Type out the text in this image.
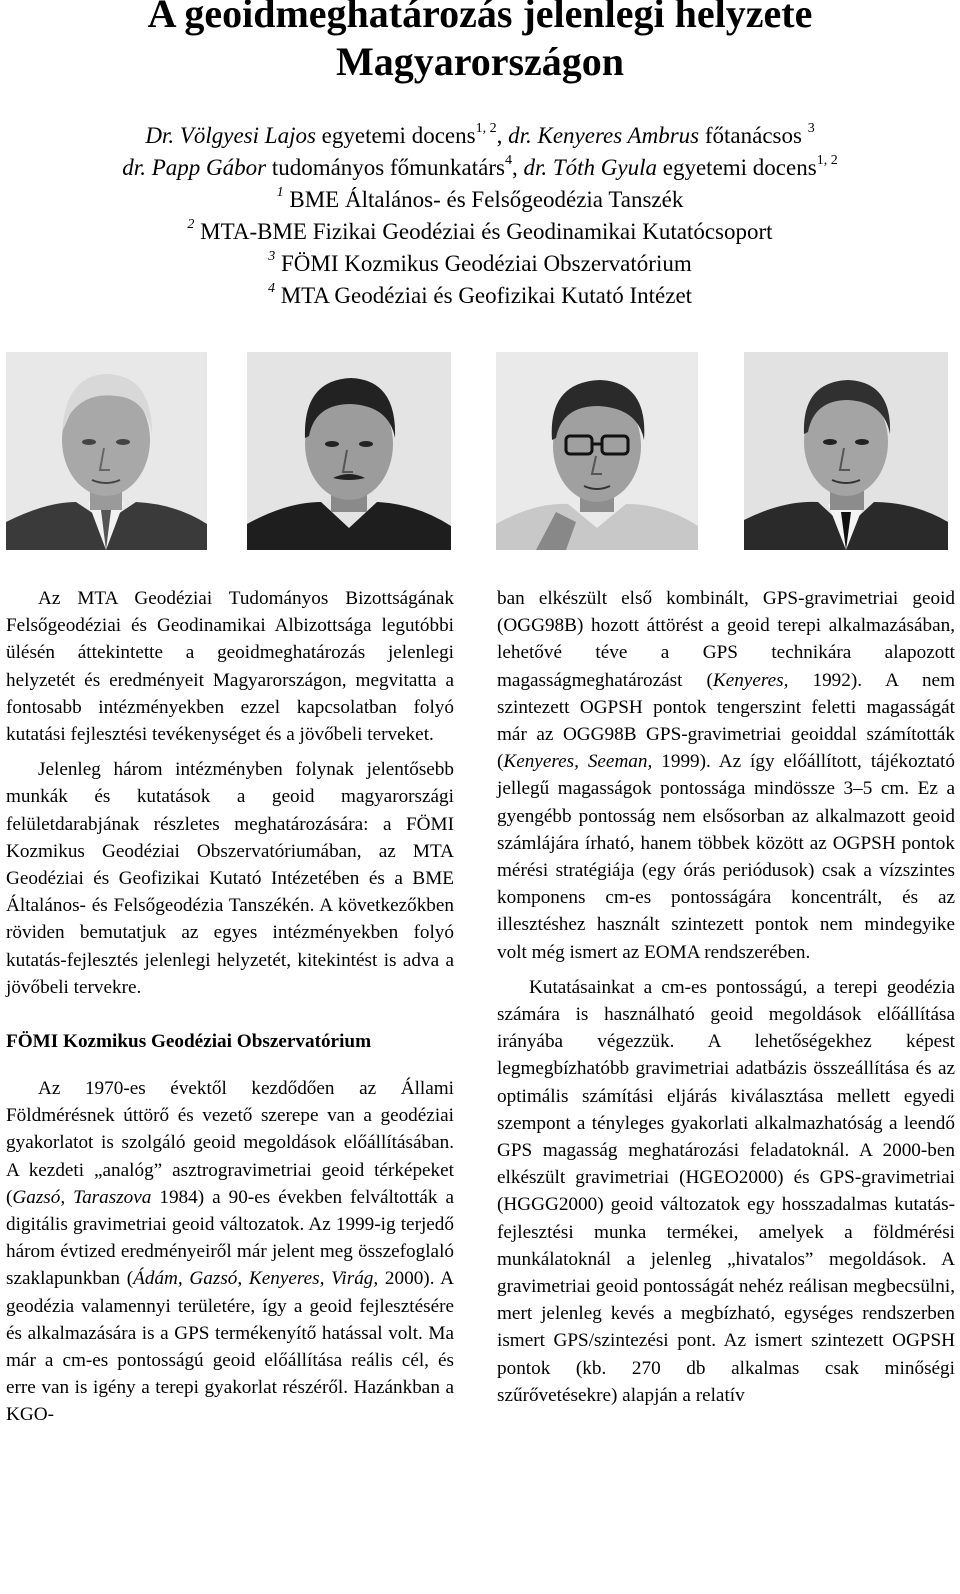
A geoidmeghatározás jelenlegi helyzete Magyarországon

Dr. Völgyesi Lajos egyetemi docens$^{1, 2}$, dr. Kenyeres Ambrus főtanácsos $^3$

dr. Papp Gábor tudományos főmunkatárs$^4$, dr. Tóth Gyula egyetemi docens$^{1, 2}$

$^1$ BME Általános- és Felsőgeodézia Tanszék

$^2$ MTA-BME Fizikai Geodéziai és Geodinamikai Kutatócsoport

$^3$ FÖMI Kozmikus Geodéziai Obszervatórium

$^4$ MTA Geodéziai és Geofizikai Kutató Intézet

Az MTA Geodéziai Tudományos Bizottságának Felsőgeodéziai és Geodinamikai Albizottsága legutóbbi ülésén áttekintette a geoidmeghatározás jelenlegi helyzetét és eredményeit Magyarországon, megvitatta a fontosabb intézményekben ezzel kapcsolatban folyó kutatási fejlesztési tevékenységet és a jövőbeli terveket.

Jelenleg három intézményben folynak jelentősebb munkák és kutatások a geoid magyarországi felületdarabjának részletes meghatározására: a FÖMI Kozmikus Geodéziai Obszervatóriumában, az MTA Geodéziai és Geofizikai Kutató Intézetében és a BME Általános- és Felsőgeodézia Tanszékén. A következőkben röviden bemutatjuk az egyes intézményekben folyó kutatás-fejlesztés jelenlegi helyzetét, kitekintést is adva a jövőbeli tervekre.

FÖMI Kozmikus Geodéziai Obszervatórium

Az 1970-es évektől kezdődően az Állami Földmérésnek úttörő és vezető szerepe van a geodéziai gyakorlatot is szolgáló geoid megoldások előállításában. A kezdeti „analóg” asztrogravimetriai geoid térképeket (Gazsó, Taraszova 1984) a 90-es években felváltották a digitális gravimetriai geoid változatok. Az 1999-ig terjedő három évtized eredményeiről már jelent meg összefoglaló szaklapunkban (Ádám, Gazsó, Kenyeres, Virág, 2000). A geodézia valamennyi területére, így a geoid fejlesztésére és alkalmazására is a GPS termékenyítő hatással volt. Ma már a cm-es pontosságú geoid előállítása reális cél, és erre van is igény a terepi gyakorlat részéről. Hazánkban a KGO-

ban elkészült első kombinált, GPS-gravimetriai geoid (OGG98B) hozott áttörést a geoid terepi alkalmazásában, lehetővé téve a GPS technikára alapozott magasságmeghatározást (Kenyeres, 1992). A nem szintezett OGPSH pontok tengerszint feletti magasságát már az OGG98B GPS-gravimetriai geoiddal számították (Kenyeres, Seeman, 1999). Az így előállított, tájékoztató jellegű magasságok pontossága mindössze 3–5 cm. Ez a gyengébb pontosság nem elsősorban az alkalmazott geoid számlájára írható, hanem többek között az OGPSH pontok mérési stratégiája (egy órás periódusok) csak a vízszintes komponens cm-es pontosságára koncentrált, és az illesztéshez használt szintezett pontok nem mindegyike volt még ismert az EOMA rendszerében.

Kutatásainkat a cm-es pontosságú, a terepi geodézia számára is használható geoid megoldások előállítása irányába végezzük. A lehetőségekhez képest legmegbízhatóbb gravimetriai adatbázis összeállítása és az optimális számítási eljárás kiválasztása mellett egyedi szempont a tényleges gyakorlati alkalmazhatóság a leendő GPS magasság meghatározási feladatoknál. A 2000-ben elkészült gravimetriai (HGEO2000) és GPS-gravimetriai (HGGG2000) geoid változatok egy hosszadalmas kutatás-fejlesztési munka termékei, amelyek a földmérési munkálatoknál a jelenleg „hivatalos” megoldások. A gravimetriai geoid pontosságát nehéz reálisan megbecsülni, mert jelenleg kevés a megbízható, egységes rendszerben ismert GPS/szintezési pont. Az ismert szintezett OGPSH pontok (kb. 270 db alkalmas csak minőségi szűrővetésekre) alapján a relatív
